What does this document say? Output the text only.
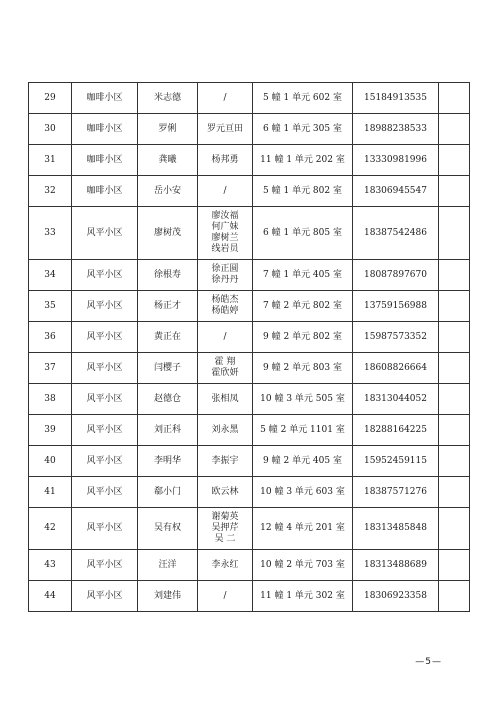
29	咖啡小区	米志德	/	5 幢 1 单元 602 室	15184913535	
30	咖啡小区	罗俐	罗元亘田	6 幢 1 单元 305 室	18988238533	
31	咖啡小区	龚曦	杨邦勇	11 幢 1 单元 202 室	13330981996	
32	咖啡小区	岳小安	/	5 幢 1 单元 802 室	18306945547	
33	风平小区	廖树茂	廖汝福
何广妹
廖树兰
线岩员	6 幢 1 单元 805 室	18387542486	
34	风平小区	徐根寿	徐正圆
徐丹丹	7 幢 1 单元 405 室	18087897670	
35	风平小区	杨正才	杨皓杰
杨皓婷	7 幢 2 单元 802 室	13759156988	
36	风平小区	黄正在	/	9 幢 2 单元 802 室	15987573352	
37	风平小区	闫樱子	霍 翔
霍欣妍	9 幢 2 单元 803 室	18608826664	
38	风平小区	赵德仓	张相凤	10 幢 3 单元 505 室	18313044052	
39	风平小区	刘正科	刘永黑	5 幢 2 单元 1101 室	18288164225	
40	风平小区	李明华	李振宇	9 幢 2 单元 405 室	15952459115	
41	风平小区	郗小门	欧云林	10 幢 3 单元 603 室	18387571276	
42	风平小区	吴有权	谢菊英
吴押芹
吴 二	12 幢 4 单元 201 室	18313485848	
43	风平小区	汪洋	李永红	10 幢 2 单元 703 室	18313488689	
44	风平小区	刘建伟	/	11 幢 1 单元 302 室	18306923358	
—5—
